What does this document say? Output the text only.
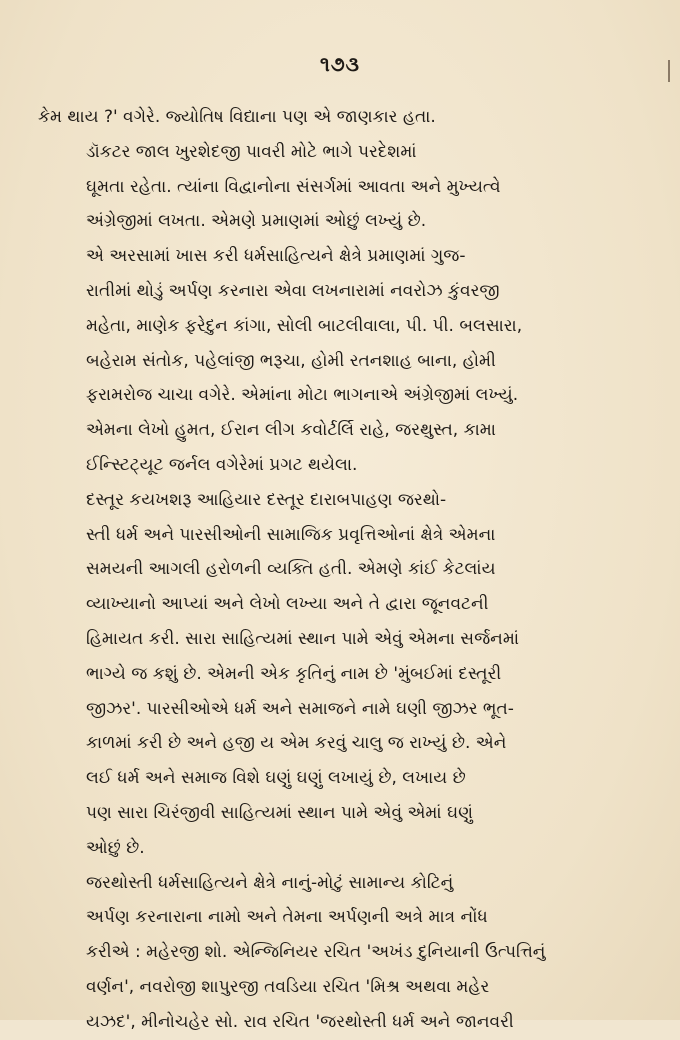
૧૭૩
કેમ થાય ?' વગેરે. જ્યોતિષ વિદ્યાના પણ એ જાણકાર હતા.
ડૉકટર જાલ ખુરશેદજી પાવરી મોટે ભાગે પરદેશમાં
ઘૂમતા રહેતા. ત્યાંના વિદ્વાનોના સંસર્ગમાં આવતા અને મુખ્યત્વે
અંગ્રેજીમાં લખતા. એમણે પ્રમાણમાં ઓછું લખ્યું છે.
એ અરસામાં ખાસ કરી ધર્મસાહિત્યને ક્ષેત્રે પ્રમાણમાં ગુજ-
રાતીમાં થોડું અર્પણ કરનારા એવા લખનારામાં નવરોઝ કુંવરજી
મહેતા, માણેક ફરેદુન કાંગા, સોલી બાટલીવાલા, પી. પી. બલસારા,
બહેરામ સંતોક, પહેલાંજી ભરૂચા, હોમી રતનશાહ બાના, હોમી
ફરામરોજ ચાચા વગેરે. એમાંના મોટા ભાગનાએ અંગ્રેજીમાં લખ્યું.
એમના લેખો હુમત, ઈરાન લીગ કવોર્ટર્લિ રાહે, જરથુસ્ત, કામા
ઈન્સ્ટિટ્યૂટ જર્નલ વગેરેમાં પ્રગટ થયેલા.
દસ્તૂર કયખશરૂ આહિયાર દસ્તૂર દારાબપાહણ જરથો-
સ્તી ધર્મ અને પારસીઓની સામાજિક પ્રવૃત્તિઓનાં ક્ષેત્રે એમના
સમયની આગલી હરોળની વ્યક્તિ હતી. એમણે કાંઈ કેટલાંય
વ્યાખ્યાનો આપ્યાં અને લેખો લખ્યા અને તે દ્વારા જૂનવટની
હિમાયત કરી. સારા સાહિત્યમાં સ્થાન પામે એવું એમના સર્જનમાં
ભાગ્યે જ કશું છે. એમની એક કૃતિનું નામ છે 'મુંબઈમાં દસ્તૂરી
જીઝર'. પારસીઓએ ધર્મ અને સમાજને નામે ઘણી જીઝર ભૂત-
કાળમાં કરી છે અને હજી ય એમ કરવું ચાલુ જ રાખ્યું છે. એને
લઈ ધર્મ અને સમાજ વિશે ઘણું ઘણું લખાયું છે, લખાય છે
પણ સારા ચિરંજીવી સાહિત્યમાં સ્થાન પામે એવું એમાં ઘણું
ઓછું છે.
જરથોસ્તી ધર્મસાહિત્યને ક્ષેત્રે નાનું-મોટું સામાન્ય કોટિનું
અર્પણ કરનારાના નામો અને તેમના અર્પણની અત્રે માત્ર નોંધ
કરીએ : મહેરજી શો. એન્જિનિયર રચિત 'અખંડ દુનિયાની ઉત્પત્તિનું
વર્ણન', નવરોજી શાપુરજી તવડિયા રચિત 'મિશ્ર અથવા મહેર
યઝદ', મીનોચહેર સો. રાવ રચિત 'જરથોસ્તી ધર્મ અને જાનવરી
